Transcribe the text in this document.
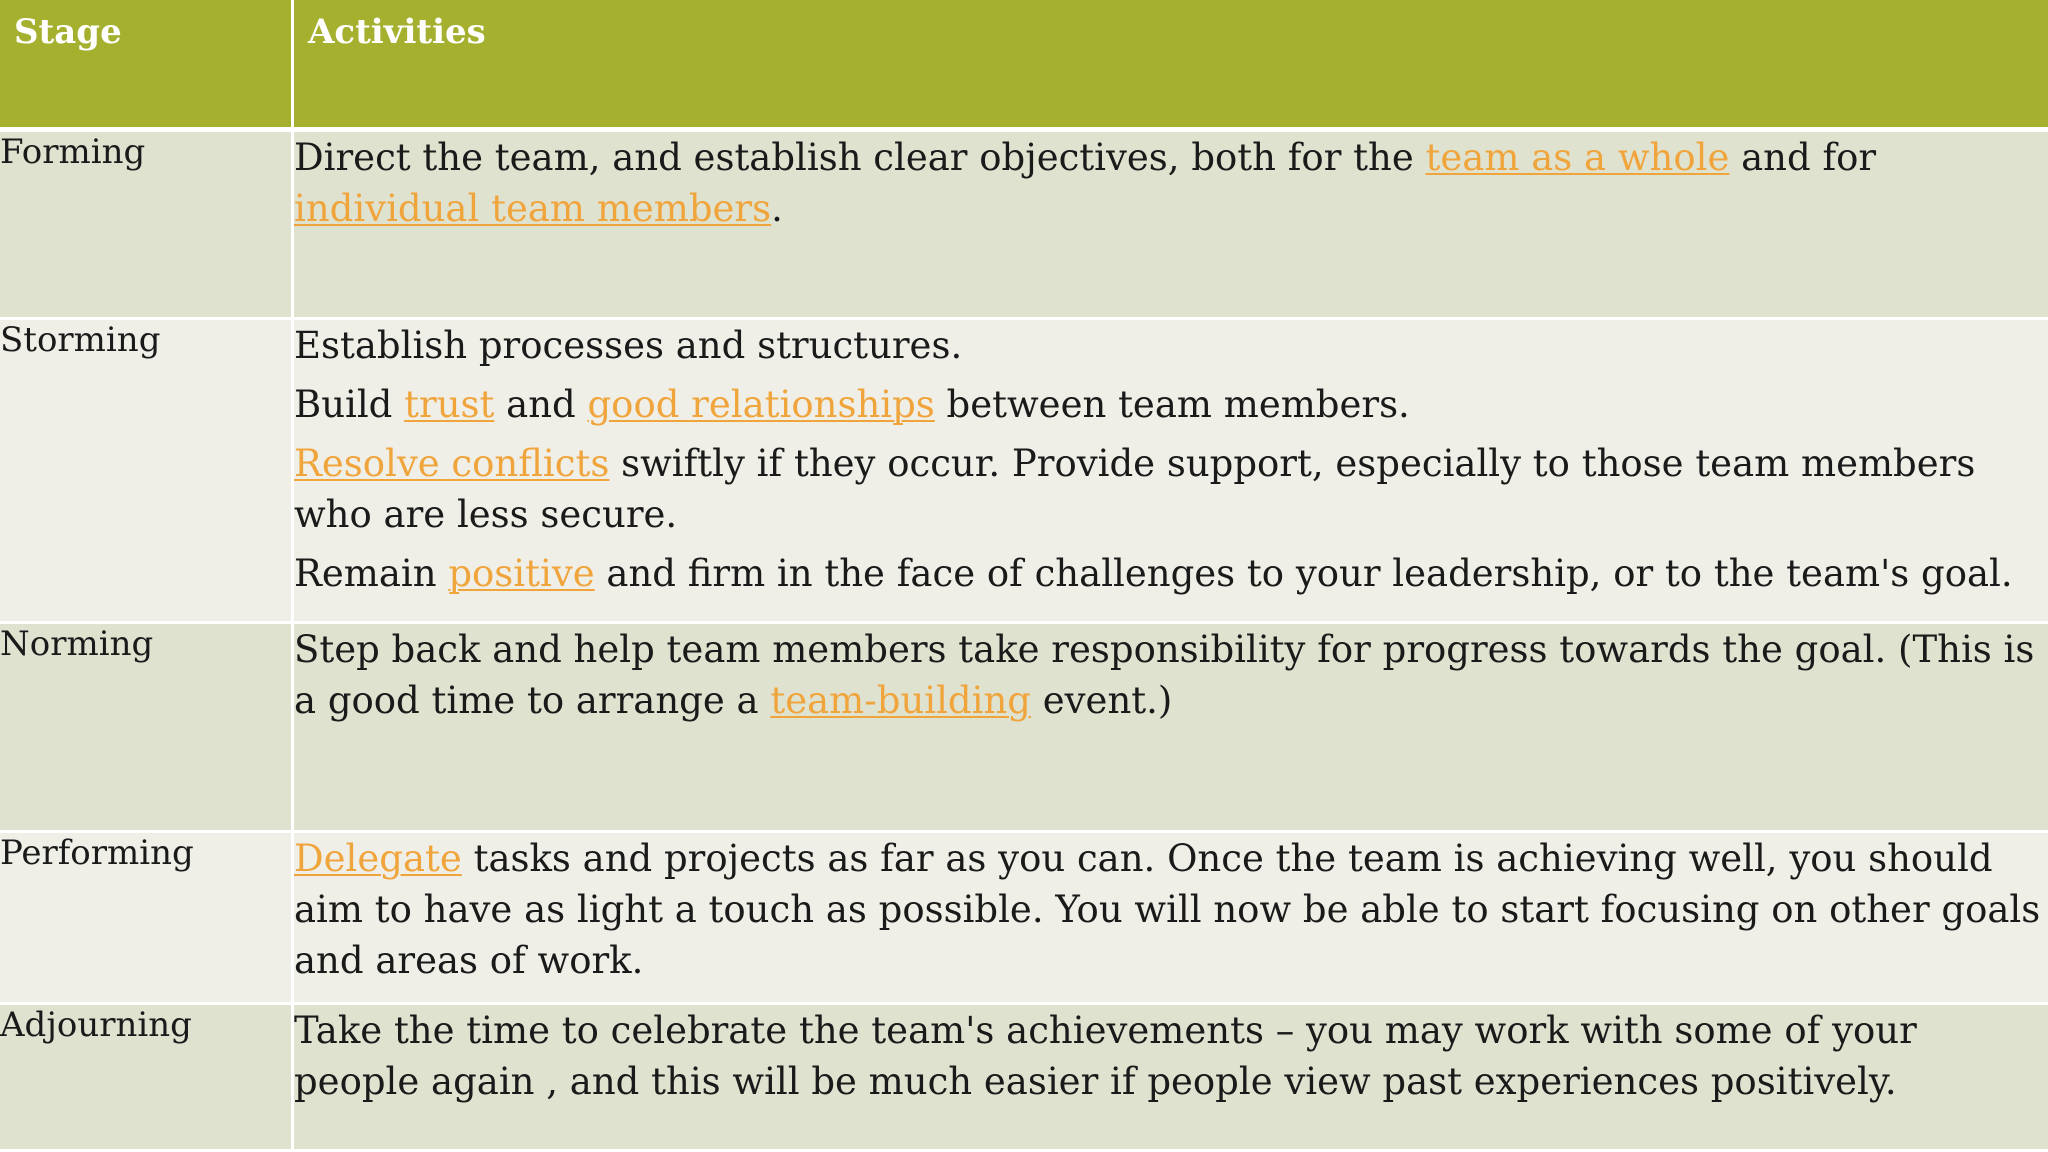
Stage	Activities
Forming	Direct the team, and establish clear objectives, both for the team as a whole and for individual team members.

Storming	Establish processes and structures.
Build trust and good relationships between team members.
Resolve conflicts swiftly if they occur. Provide support, especially to those team members who are less secure.
Remain positive and firm in the face of challenges to your leadership, or to the team's goal.

Norming	Step back and help team members take responsibility for progress towards the goal. (This is a good time to arrange a team-building event.)

Performing	Delegate tasks and projects as far as you can. Once the team is achieving well, you should aim to have as light a touch as possible. You will now be able to start focusing on other goals and areas of work.

Adjourning	Take the time to celebrate the team's achievements – you may work with some of your people again , and this will be much easier if people view past experiences positively.
